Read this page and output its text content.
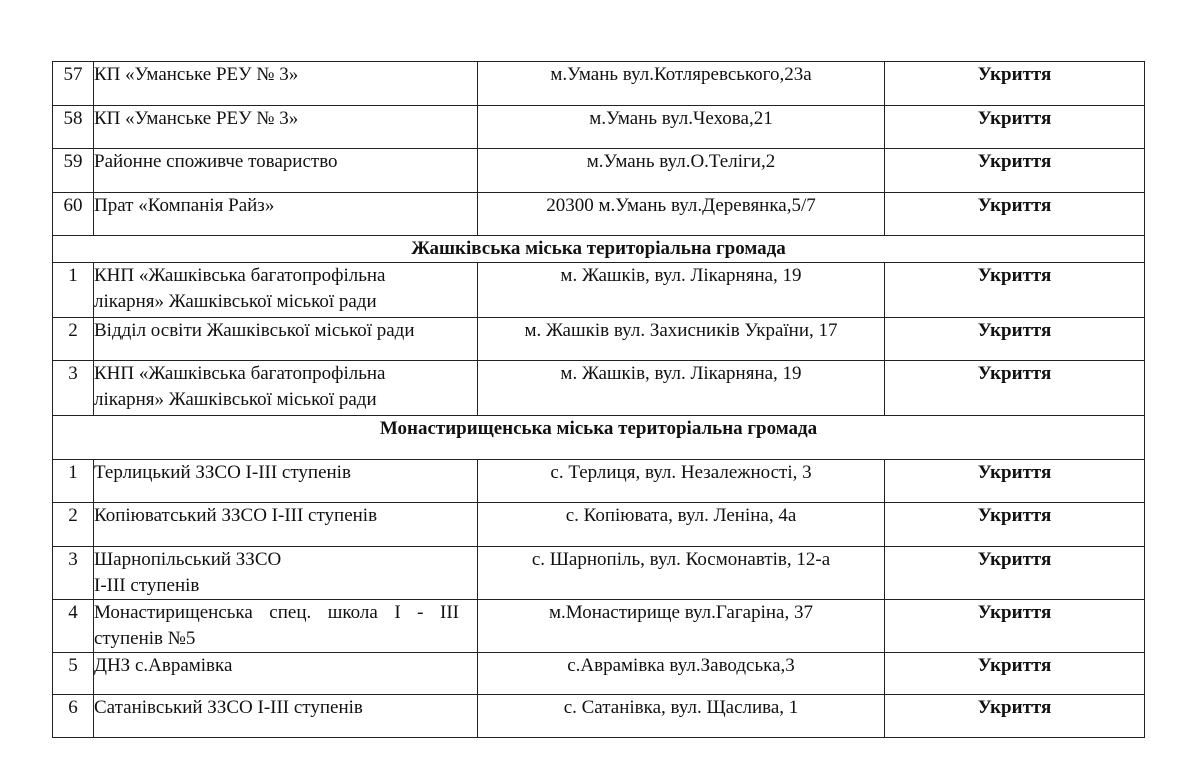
57	КП «Уманське РЕУ № 3»	м.Умань вул.Котляревського,23а	Укриття
58	КП «Уманське РЕУ № 3»	м.Умань вул.Чехова,21	Укриття
59	Районне споживче товариство	м.Умань вул.О.Теліги,2	Укриття
60	Прат «Компанія Райз»	20300 м.Умань вул.Деревянка,5/7	Укриття
Жашківська міська територіальна громада			
1	КНП «Жашківська багатопрофільна
лікарня» Жашківської міської ради	м. Жашків, вул. Лікарняна, 19	Укриття
2	Відділ освіти Жашківської міської ради	м. Жашків вул. Захисників України, 17	Укриття
3	КНП «Жашківська багатопрофільна
лікарня» Жашківської міської ради	м. Жашків, вул. Лікарняна, 19	Укриття
Монастирищенська міська територіальна громада			
1	Терлицький ЗЗСО І-ІІІ ступенів	с. Терлиця, вул. Незалежності, 3	Укриття
2	Копіюватський ЗЗСО І-ІІІ ступенів	с. Копіювата, вул. Леніна, 4а	Укриття
3	Шарнопільський ЗЗСО
І-ІІІ ступенів	с. Шарнопіль, вул. Космонавтів, 12-а	Укриття
4	Монастирищенська спец. школа I - III
ступенів №5	м.Монастирище вул.Гагаріна, 37	Укриття
5	ДНЗ с.Аврамівка	с.Аврамівка вул.Заводська,3	Укриття
6	Сатанівський ЗЗСО І-ІІІ ступенів	с. Сатанівка, вул. Щаслива, 1	Укриття
